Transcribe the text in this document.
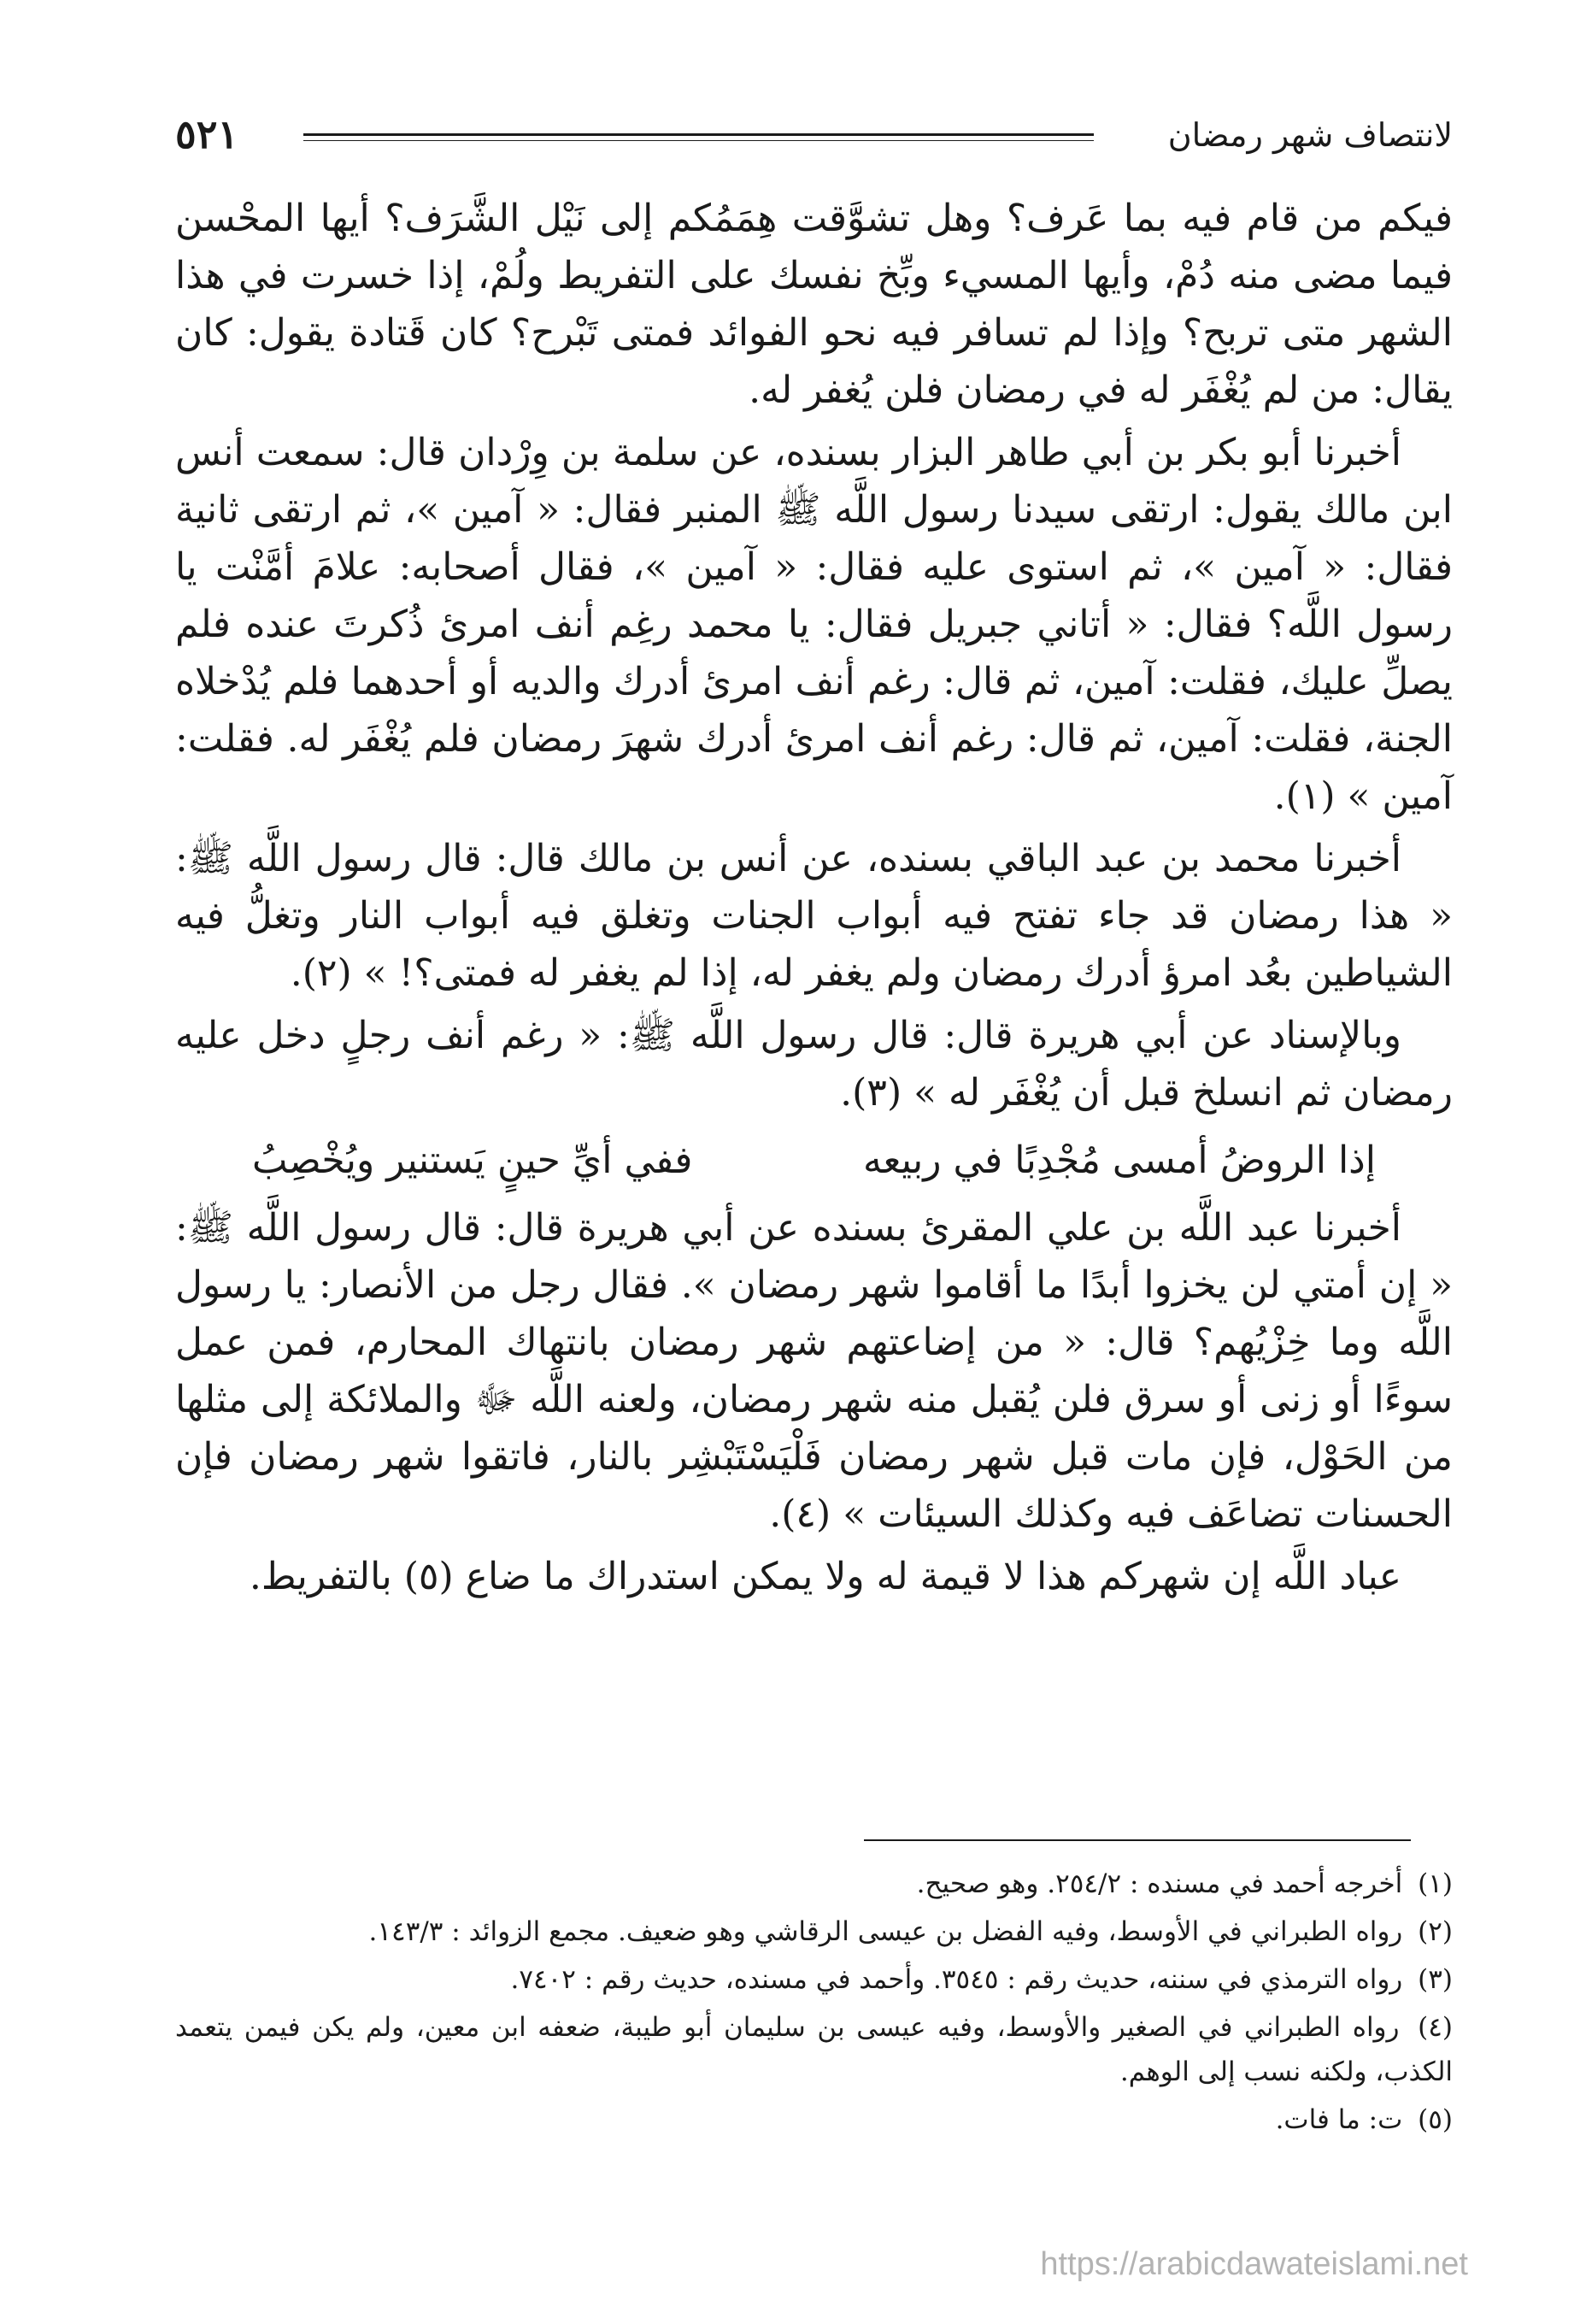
لانتصاف شهر رمضان
٥٢١

فيكم من قام فيه بما عَرف؟ وهل تشوَّقت هِمَمُكم إلى نَيْل الشَّرَف؟ أيها المحْسن فيما مضى منه دُمْ، وأيها المسيء وبِّخ نفسك على التفريط ولُمْ، إذا خسرت في هذا الشهر متى تربح؟ وإذا لم تسافر فيه نحو الفوائد فمتى تَبْرح؟ كان قَتادة يقول: كان يقال: من لم يُغْفَر له في رمضان فلن يُغفر له.

أخبرنا أبو بكر بن أبي طاهر البزار بسنده، عن سلمة بن وِرْدان قال: سمعت أنس ابن مالك يقول: ارتقى سيدنا رسول اللَّه ﷺ المنبر فقال: « آمين »، ثم ارتقى ثانية فقال: « آمين »، ثم استوى عليه فقال: « آمين »، فقال أصحابه: علامَ أمَّنْت يا رسول اللَّه؟ فقال: « أتاني جبريل فقال: يا محمد رغِم أنف امرئ ذُكرتَ عنده فلم يصلِّ عليك، فقلت: آمين، ثم قال: رغم أنف امرئ أدرك والديه أو أحدهما فلم يُدْخلاه الجنة، فقلت: آمين، ثم قال: رغم أنف امرئ أدرك شهرَ رمضان فلم يُغْفَر له. فقلت: آمين » (١).

أخبرنا محمد بن عبد الباقي بسنده، عن أنس بن مالك قال: قال رسول اللَّه ﷺ: « هذا رمضان قد جاء تفتح فيه أبواب الجنات وتغلق فيه أبواب النار وتغلُّ فيه الشياطين بعُد امرؤ أدرك رمضان ولم يغفر له، إذا لم يغفر له فمتى؟! » (٢).

وبالإسناد عن أبي هريرة قال: قال رسول اللَّه ﷺ: « رغم أنف رجلٍ دخل عليه رمضان ثم انسلخ قبل أن يُغْفَر له » (٣).

إذا الروضُ أمسى مُجْدِبًا في ربيعه
ففي أيِّ حينٍ يَستنير ويُخْصِبُ

أخبرنا عبد اللَّه بن علي المقرئ بسنده عن أبي هريرة قال: قال رسول اللَّه ﷺ: « إن أمتي لن يخزوا أبدًا ما أقاموا شهر رمضان ». فقال رجل من الأنصار: يا رسول اللَّه وما خِزْيُهم؟ قال: « من إضاعتهم شهر رمضان بانتهاك المحارم، فمن عمل سوءًا أو زنى أو سرق فلن يُقبل منه شهر رمضان، ولعنه اللَّه ﷻ والملائكة إلى مثلها من الحَوْل، فإن مات قبل شهر رمضان فَلْيَسْتَبْشِر بالنار، فاتقوا شهر رمضان فإن الحسنات تضاعَف فيه وكذلك السيئات » (٤).

عباد اللَّه إن شهركم هذا لا قيمة له ولا يمكن استدراك ما ضاع (٥) بالتفريط.

(١) أخرجه أحمد في مسنده : ٢٥٤/٢. وهو صحيح.

(٢) رواه الطبراني في الأوسط، وفيه الفضل بن عيسى الرقاشي وهو ضعيف. مجمع الزوائد : ١٤٣/٣.

(٣) رواه الترمذي في سننه، حديث رقم : ٣٥٤٥. وأحمد في مسنده، حديث رقم : ٧٤٠٢.

(٤) رواه الطبراني في الصغير والأوسط، وفيه عيسى بن سليمان أبو طيبة، ضعفه ابن معين، ولم يكن فيمن يتعمد الكذب، ولكنه نسب إلى الوهم.

(٥) ت: ما فات.

https://arabicdawateislami.net
